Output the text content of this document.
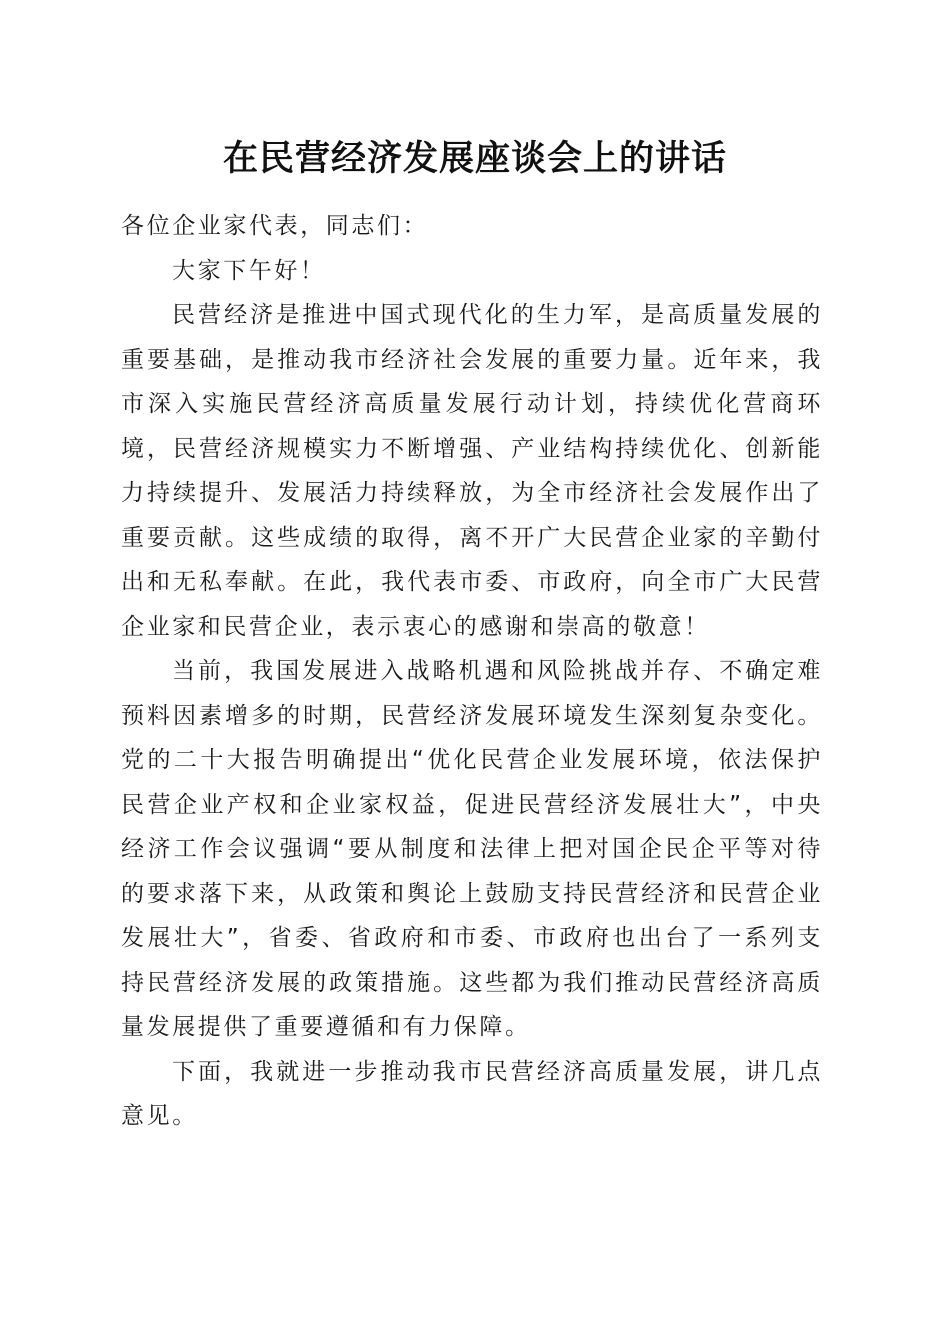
在民营经济发展座谈会上的讲话

各位企业家代表，同志们：

大家下午好！

民营经济是推进中国式现代化的生力军，是高质量发展的重要基础，是推动我市经济社会发展的重要力量。近年来，我市深入实施民营经济高质量发展行动计划，持续优化营商环境，民营经济规模实力不断增强、产业结构持续优化、创新能力持续提升、发展活力持续释放，为全市经济社会发展作出了重要贡献。这些成绩的取得，离不开广大民营企业家的辛勤付出和无私奉献。在此，我代表市委、市政府，向全市广大民营企业家和民营企业，表示衷心的感谢和崇高的敬意！

当前，我国发展进入战略机遇和风险挑战并存、不确定难预料因素增多的时期，民营经济发展环境发生深刻复杂变化。党的二十大报告明确提出“优化民营企业发展环境，依法保护民营企业产权和企业家权益，促进民营经济发展壮大”，中央经济工作会议强调“要从制度和法律上把对国企民企平等对待的要求落下来，从政策和舆论上鼓励支持民营经济和民营企业发展壮大”，省委、省政府和市委、市政府也出台了一系列支持民营经济发展的政策措施。这些都为我们推动民营经济高质量发展提供了重要遵循和有力保障。

下面，我就进一步推动我市民营经济高质量发展，讲几点意见。
